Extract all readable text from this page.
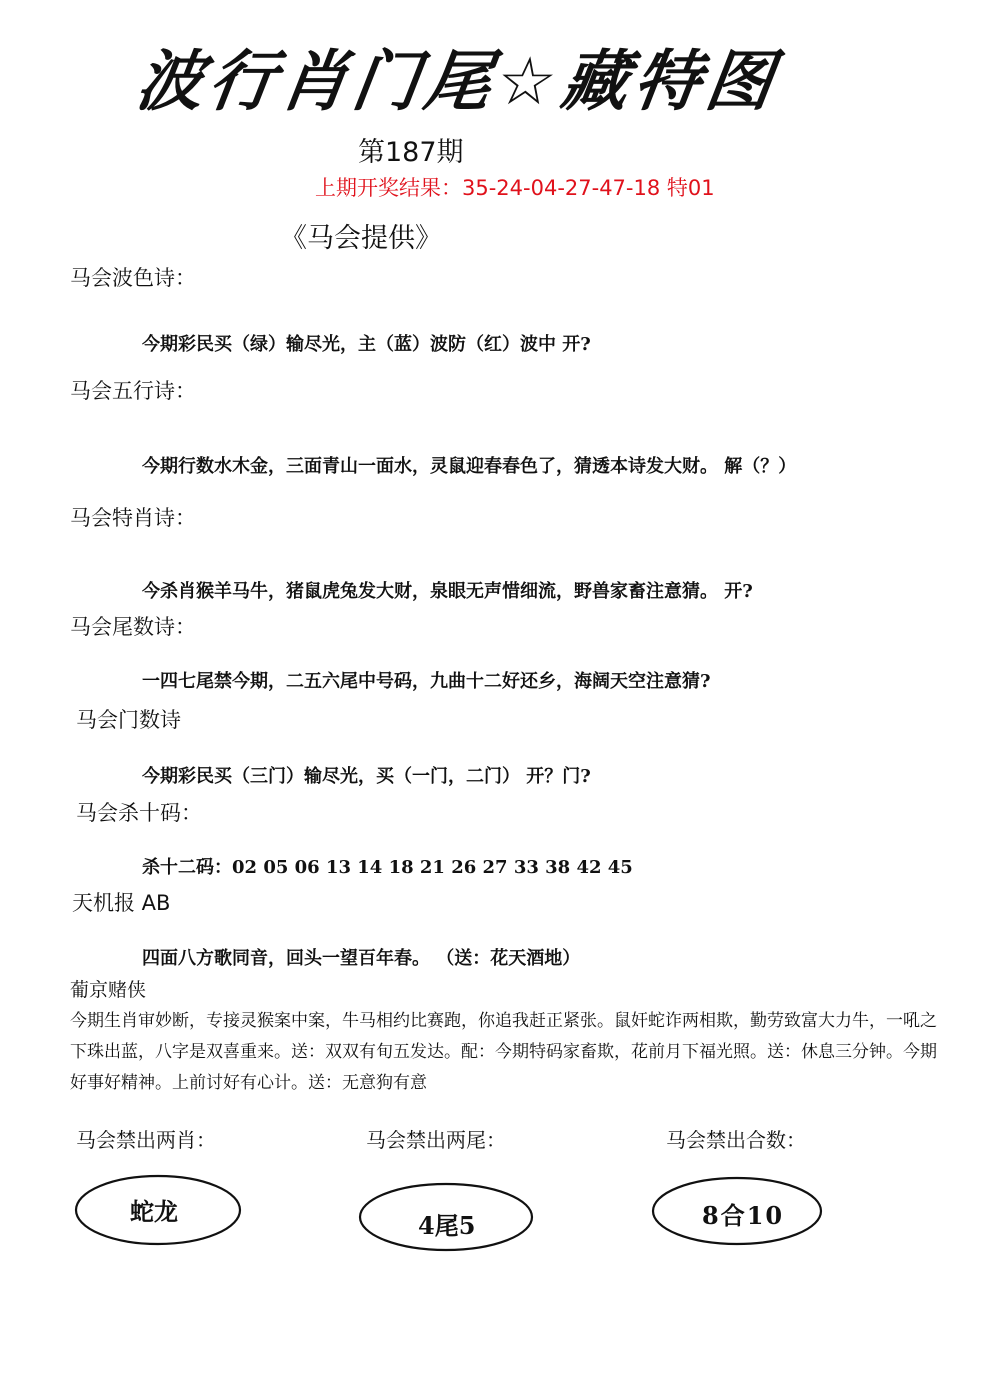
波行肖门尾☆藏特图
第187期
上期开奖结果：35-24-04-27-47-18 特01
《马会提供》
马会波色诗：
今期彩民买（绿）输尽光，主（蓝）波防（红）波中 开?
马会五行诗：
今期行数水木金，三面青山一面水，灵鼠迎春春色了，猜透本诗发大财。 解（？）
马会特肖诗：
今杀肖猴羊马牛，猪鼠虎兔发大财，泉眼无声惜细流，野兽家畜注意猜。 开?
马会尾数诗：
一四七尾禁今期，二五六尾中号码，九曲十二好还乡，海阔天空注意猜?
马会门数诗
今期彩民买（三门）输尽光，买（一门，二门） 开？门?
马会杀十码：
杀十二码：02 05 06 13 14 18 21 26 27 33 38 42 45
天机报 AB
四面八方歌同音，回头一望百年春。 （送：花天酒地）
葡京赌侠
今期生肖审妙断，专接灵猴案中案，牛马相约比赛跑，你追我赶正紧张。鼠奸蛇诈两相欺，勤劳致富大力牛，一吼之下珠出蓝，八字是双喜重来。送：双双有旬五发达。配：今期特码家畜欺，花前月下福光照。送：休息三分钟。今期好事好精神。上前讨好有心计。送：无意狗有意
马会禁出两肖：	马会禁出两尾：	马会禁出合数：
蛇龙	4尾5	8合10
